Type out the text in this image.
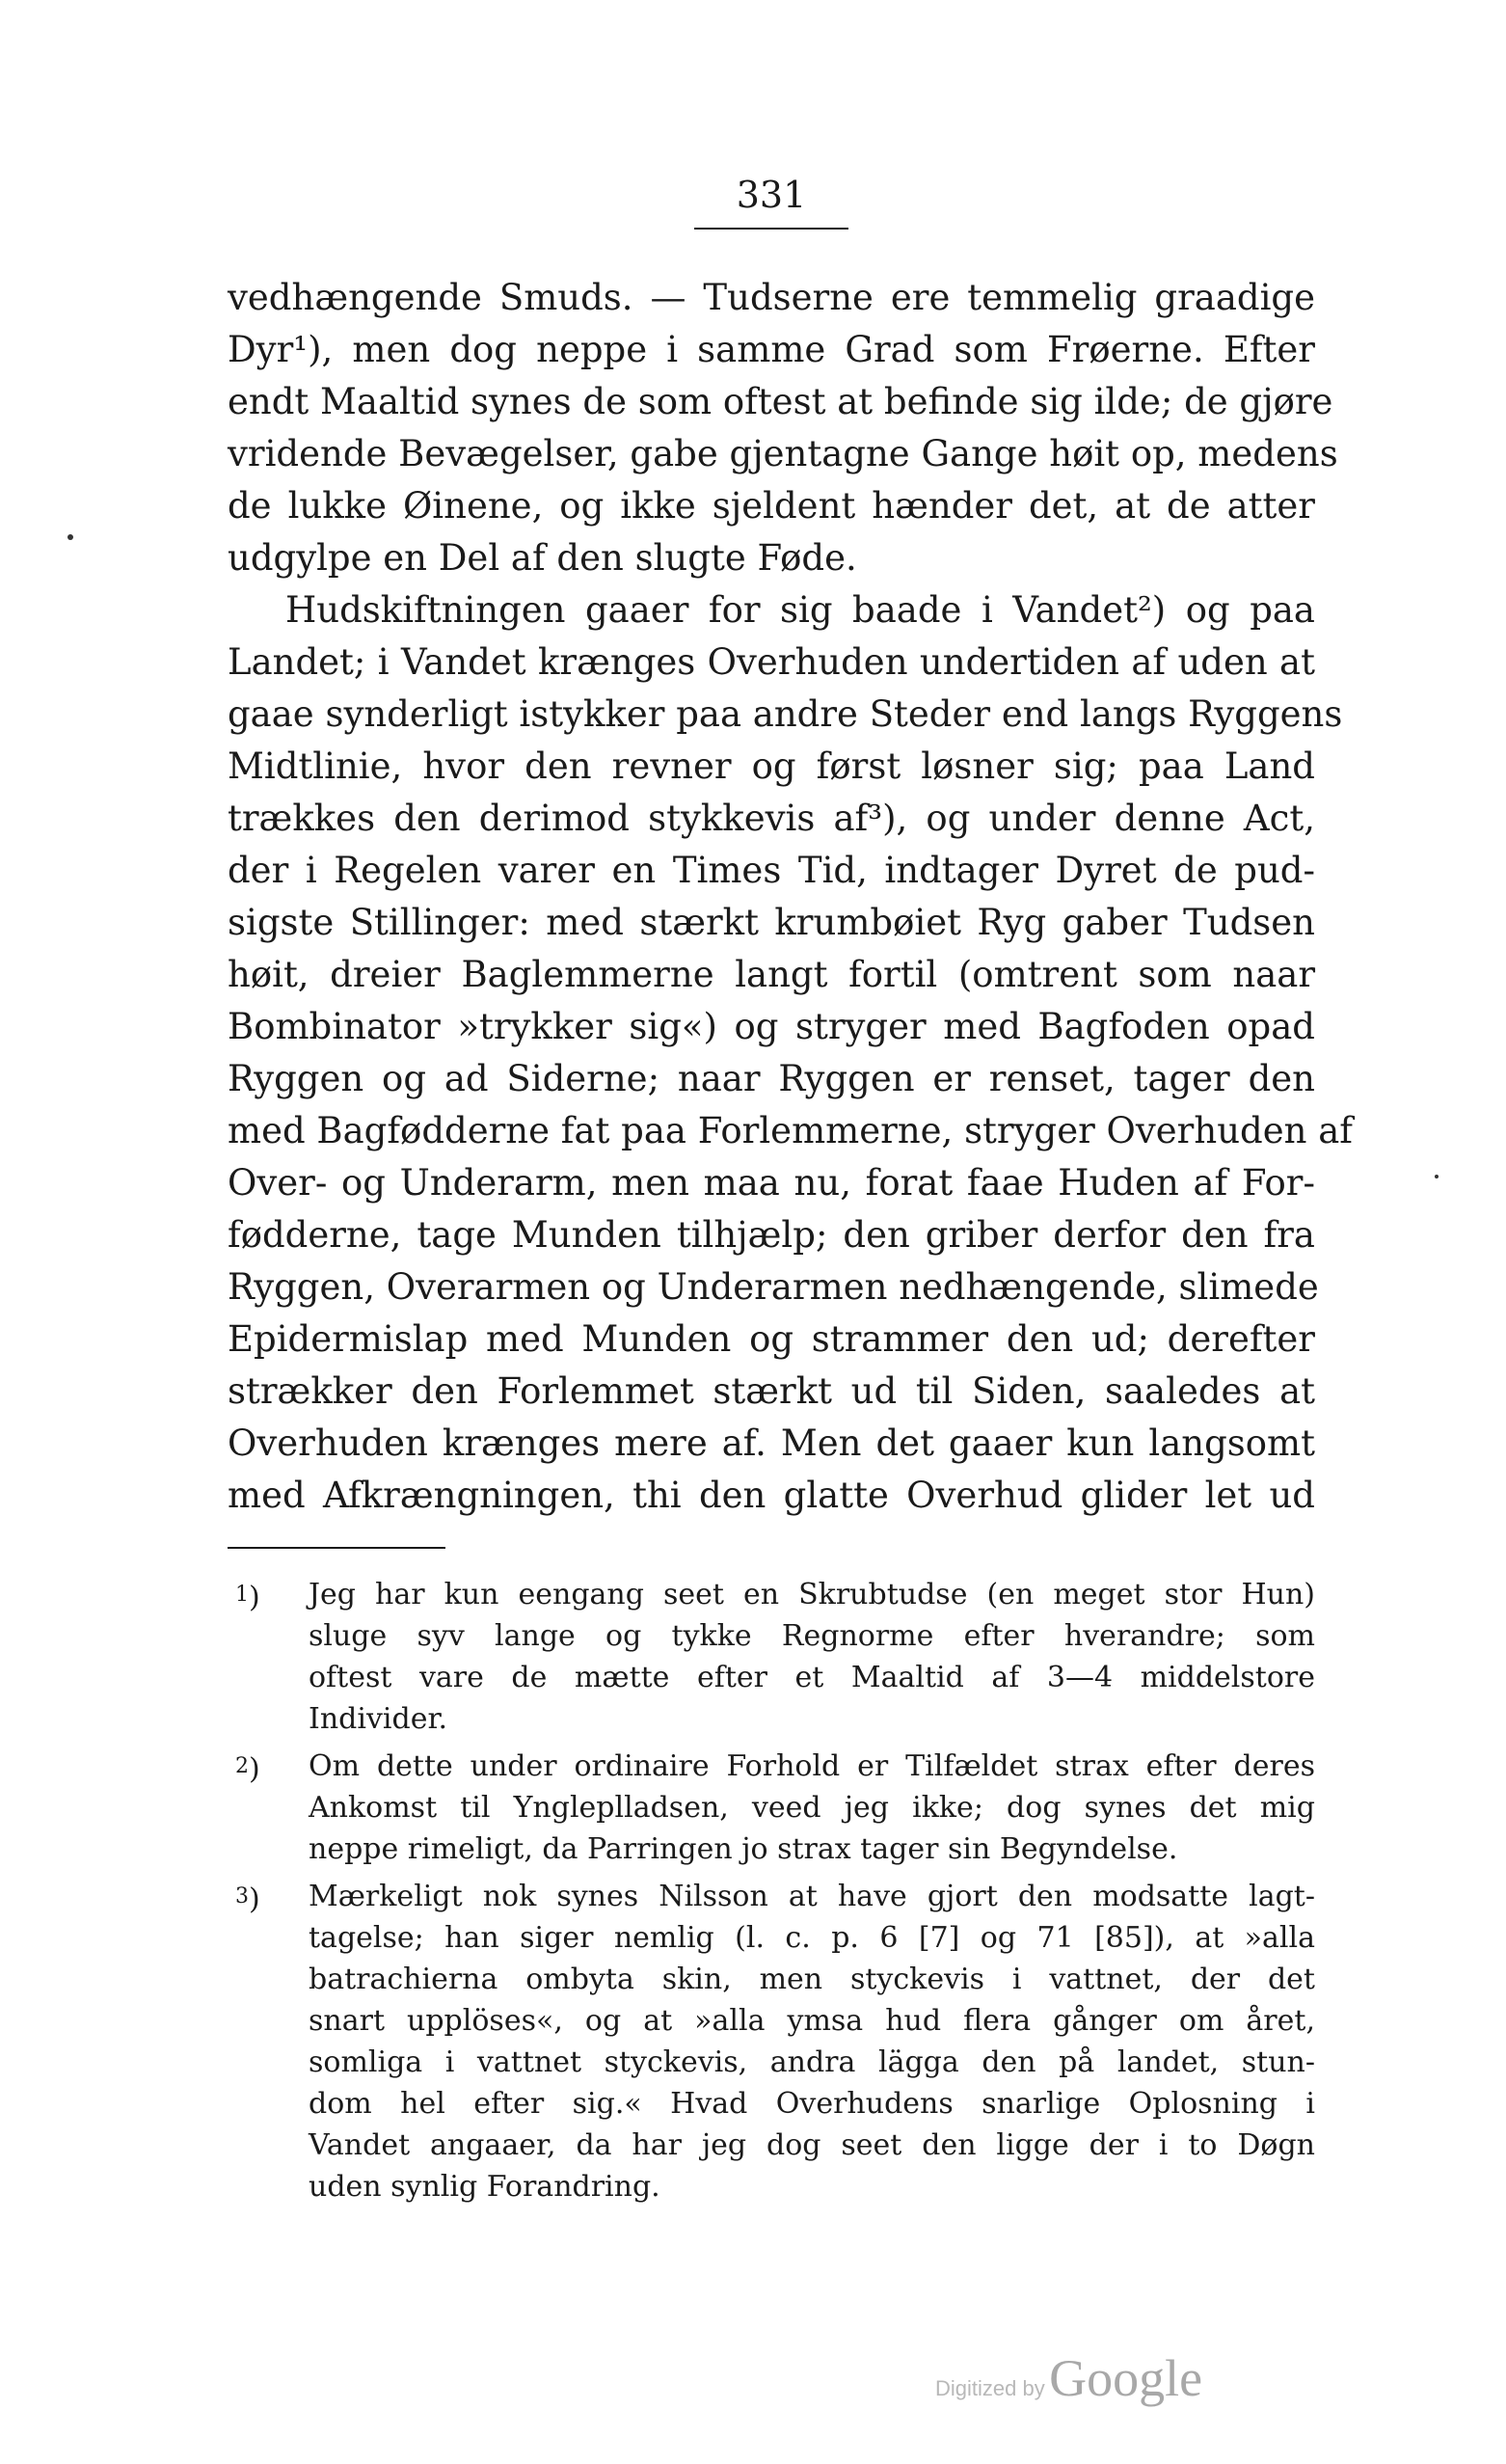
331
vedhængende Smuds. — Tudserne ere temmelig graadige
Dyr¹), men dog neppe i samme Grad som Frøerne. Efter
endt Maaltid synes de som oftest at befinde sig ilde; de gjøre
vridende Bevægelser, gabe gjentagne Gange høit op, medens
de lukke Øinene, og ikke sjeldent hænder det, at de atter
udgylpe en Del af den slugte Føde.
Hudskiftningen gaaer for sig baade i Vandet²) og paa
Landet; i Vandet krænges Overhuden undertiden af uden at
gaae synderligt istykker paa andre Steder end langs Ryggens
Midtlinie, hvor den revner og først løsner sig; paa Land
trækkes den derimod stykkevis af³), og under denne Act,
der i Regelen varer en Times Tid, indtager Dyret de pud-
sigste Stillinger: med stærkt krumbøiet Ryg gaber Tudsen
høit, dreier Baglemmerne langt fortil (omtrent som naar
Bombinator »trykker sig«) og stryger med Bagfoden opad
Ryggen og ad Siderne; naar Ryggen er renset, tager den
med Bagfødderne fat paa Forlemmerne, stryger Overhuden af
Over- og Underarm, men maa nu, forat faae Huden af For-
fødderne, tage Munden tilhjælp; den griber derfor den fra
Ryggen, Overarmen og Underarmen nedhængende, slimede
Epidermislap med Munden og strammer den ud; derefter
strækker den Forlemmet stærkt ud til Siden, saaledes at
Overhuden krænges mere af. Men det gaaer kun langsomt
med Afkrængningen, thi den glatte Overhud glider let ud
$^1$) Jeg har kun eengang seet en Skrubtudse (en meget stor Hun)
sluge syv lange og tykke Regnorme efter hverandre; som
oftest vare de mætte efter et Maaltid af 3—4 middelstore
Individer.
$^2$) Om dette under ordinaire Forhold er Tilfældet strax efter deres
Ankomst til Yngleplladsen, veed jeg ikke; dog synes det mig
neppe rimeligt, da Parringen jo strax tager sin Begyndelse.
$^3$) Mærkeligt nok synes Nilsson at have gjort den modsatte lagt-
tagelse; han siger nemlig (l. c. p. 6 [7] og 71 [85]), at »alla
batrachierna ombyta skin, men styckevis i vattnet, der det
snart upplöses«, og at »alla ymsa hud flera gånger om året,
somliga i vattnet styckevis, andra lägga den på landet, stun-
dom hel efter sig.« Hvad Overhudens snarlige Oplosning i
Vandet angaaer, da har jeg dog seet den ligge der i to Døgn
uden synlig Forandring.
Digitized by Google
